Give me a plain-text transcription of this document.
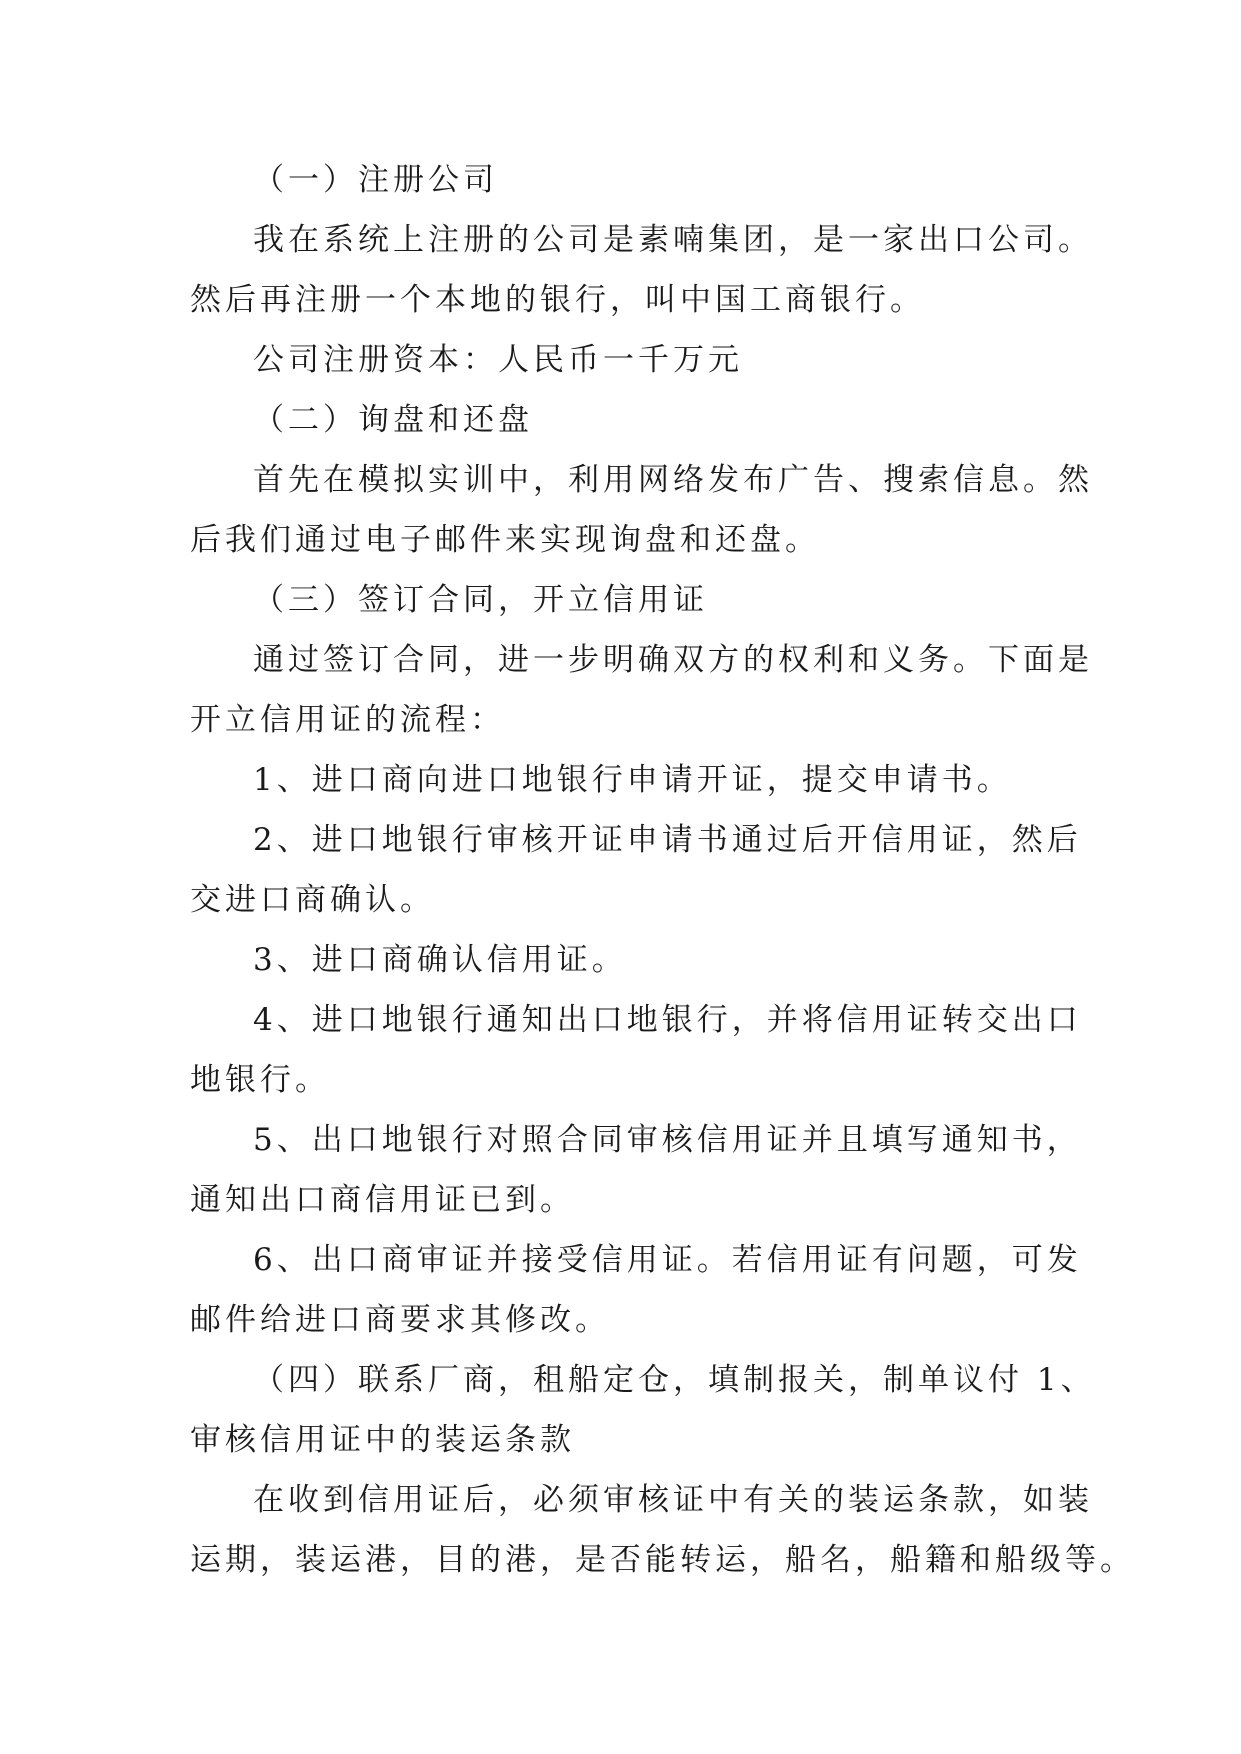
（一）注册公司
我在系统上注册的公司是素喃集团，是一家出口公司。
然后再注册一个本地的银行，叫中国工商银行。
公司注册资本：人民币一千万元
（二）询盘和还盘
首先在模拟实训中，利用网络发布广告、搜索信息。然
后我们通过电子邮件来实现询盘和还盘。
（三）签订合同，开立信用证
通过签订合同，进一步明确双方的权利和义务。下面是
开立信用证的流程：
1、进口商向进口地银行申请开证，提交申请书。
2、进口地银行审核开证申请书通过后开信用证，然后
交进口商确认。
3、进口商确认信用证。
4、进口地银行通知出口地银行，并将信用证转交出口
地银行。
5、出口地银行对照合同审核信用证并且填写通知书，
通知出口商信用证已到。
6、出口商审证并接受信用证。若信用证有问题，可发
邮件给进口商要求其修改。
（四）联系厂商，租船定仓，填制报关，制单议付 1、
审核信用证中的装运条款
在收到信用证后，必须审核证中有关的装运条款，如装
运期，装运港，目的港，是否能转运，船名，船籍和船级等。
